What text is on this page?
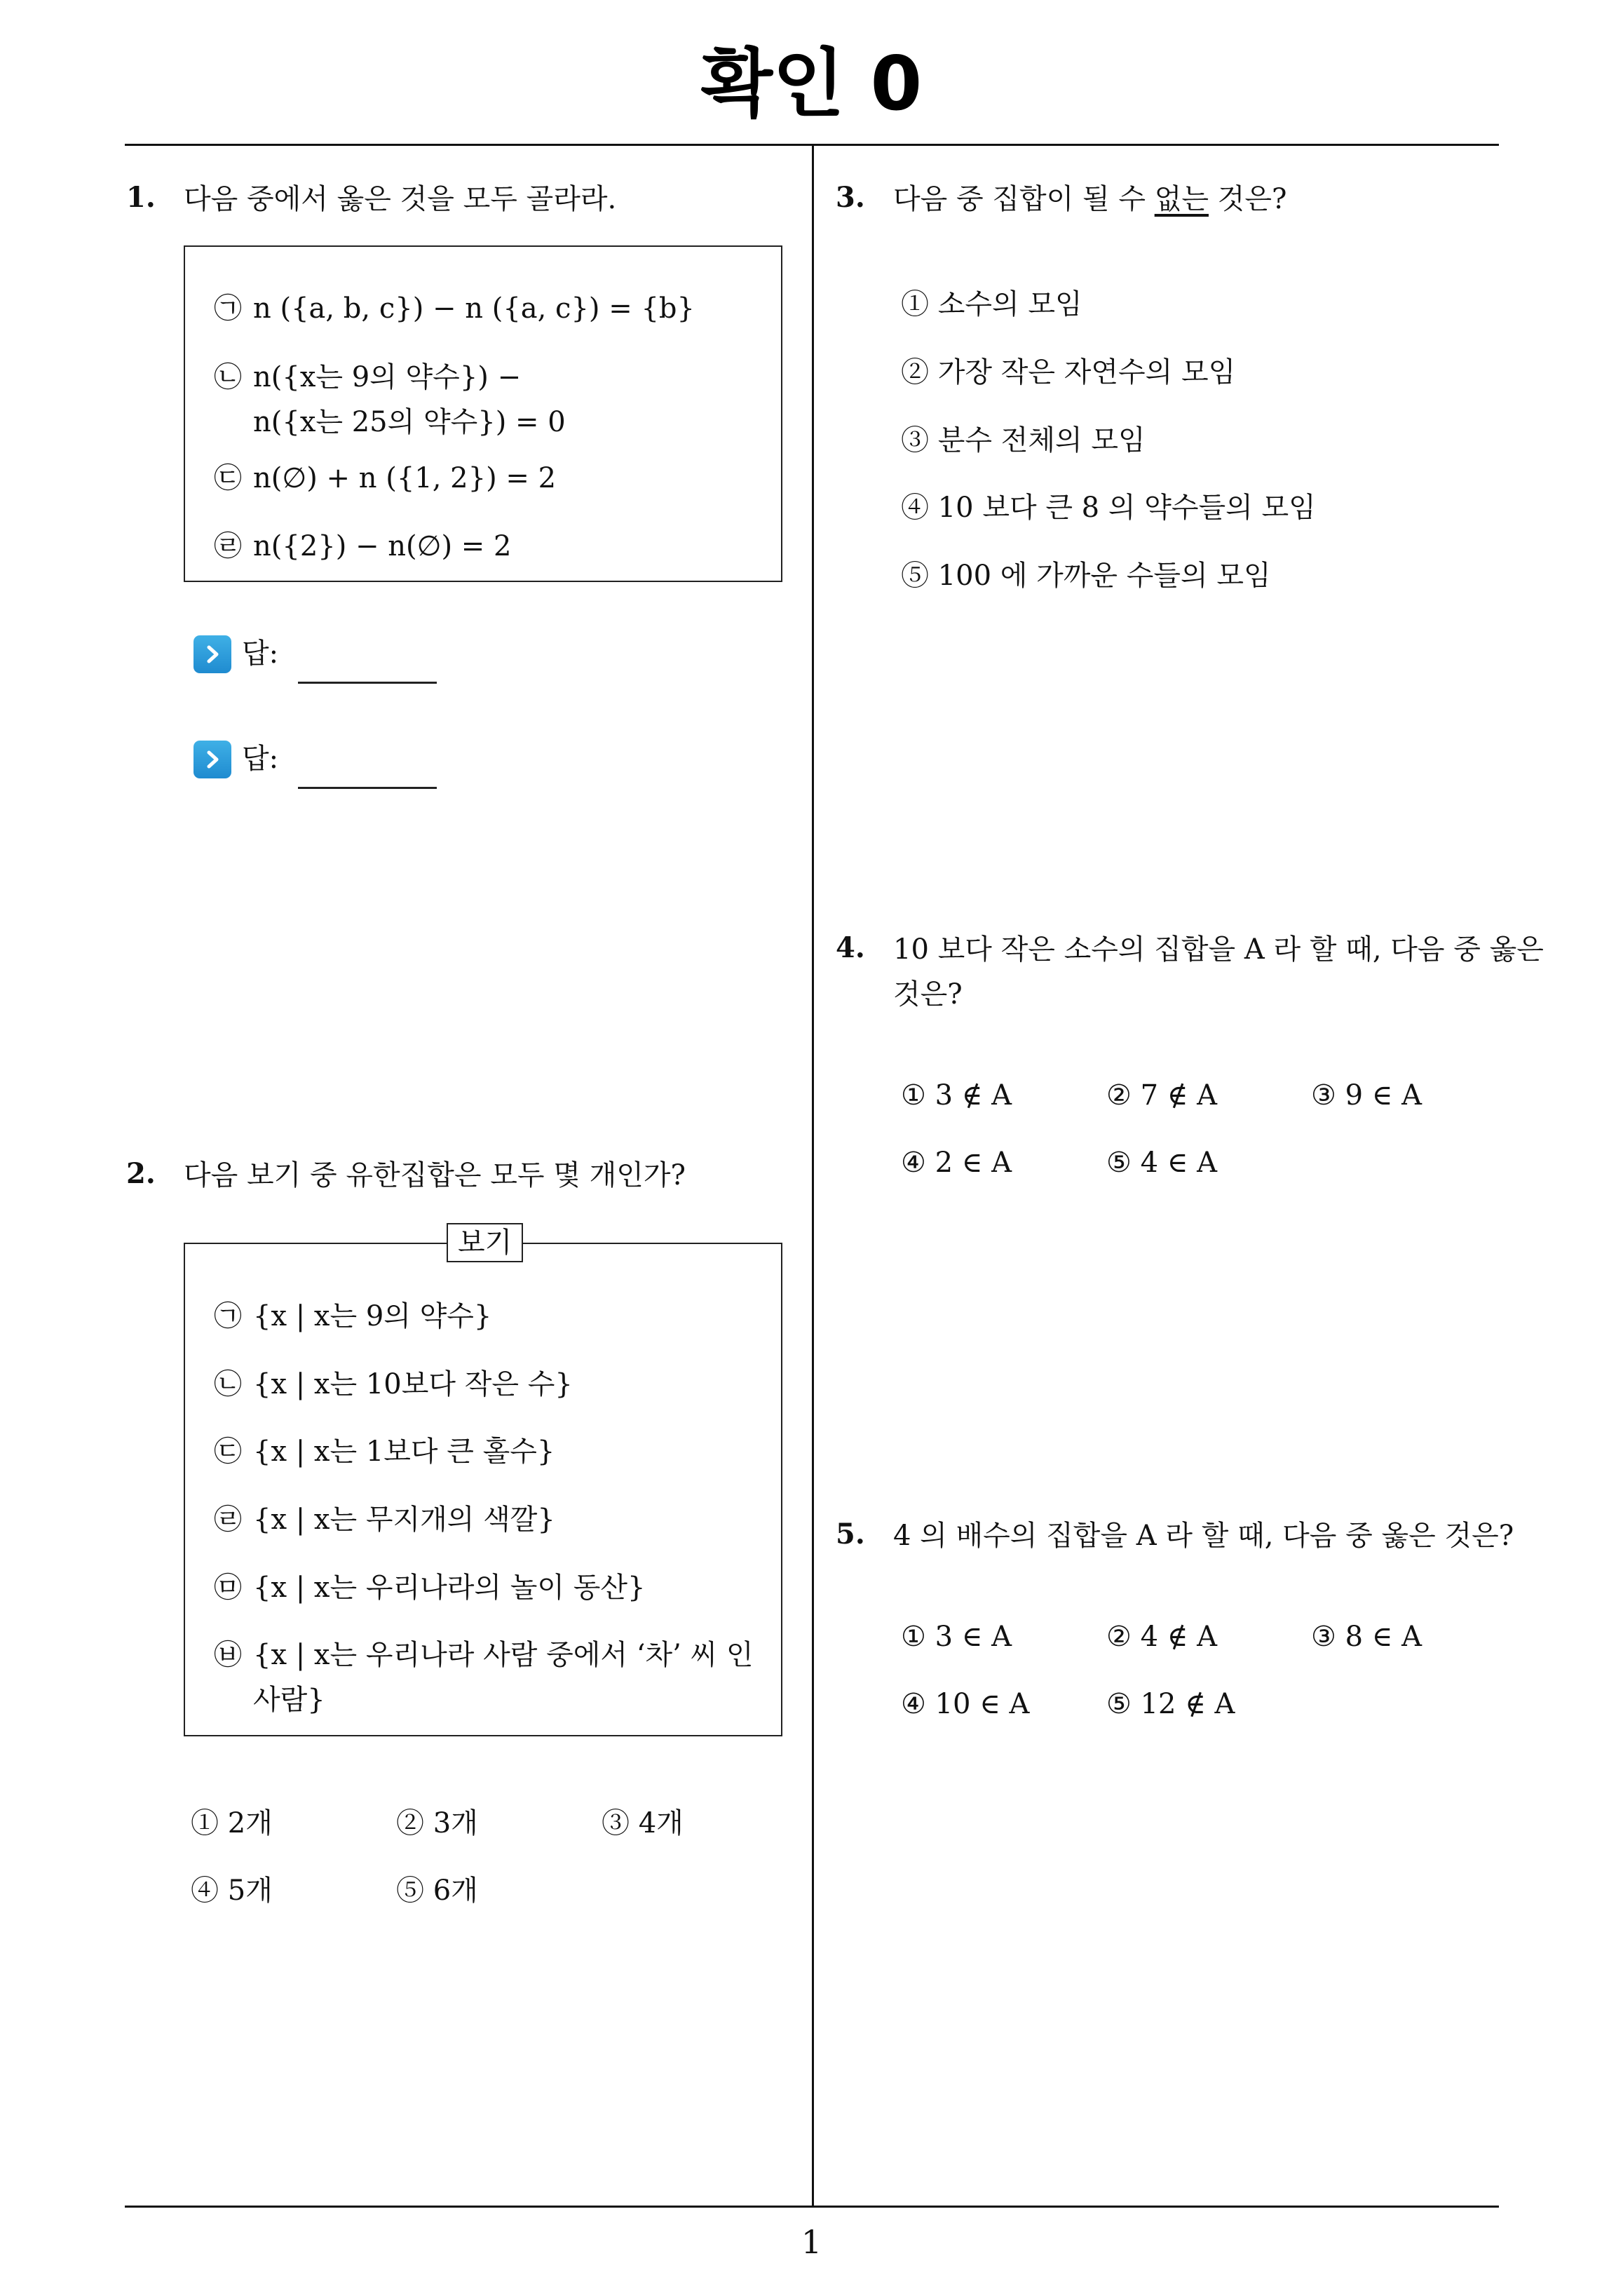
확인 0
1. 다음 중에서 옳은 것을 모두 골라라.
㉠ n ({a, b, c}) − n ({a, c}) = {b}
㉡ n({x는 9의 약수}) −
n({x는 25의 약수}) = 0
㉢ n(∅) + n ({1, 2}) = 2
㉣ n({2}) − n(∅) = 2
답:
답:
2. 다음 보기 중 유한집합은 모두 몇 개인가?
보기
㉠ {x | x는 9의 약수}
㉡ {x | x는 10보다 작은 수}
㉢ {x | x는 1보다 큰 홀수}
㉣ {x | x는 무지개의 색깔}
㉤ {x | x는 우리나라의 놀이 동산}
㉥ {x | x는 우리나라 사람 중에서 ‘차’ 씨 인
사람}
① 2개	② 3개	③ 4개
④ 5개	⑤ 6개
3. 다음 중 집합이 될 수 없는 것은?
① 소수의 모임
② 가장 작은 자연수의 모임
③ 분수 전체의 모임
④ 10 보다 큰 8 의 약수들의 모임
⑤ 100 에 가까운 수들의 모임
4. 10 보다 작은 소수의 집합을 A 라 할 때, 다음 중 옳은
것은?
① 3 ∉ A	② 7 ∉ A	③ 9 ∈ A
④ 2 ∈ A	⑤ 4 ∈ A
5. 4 의 배수의 집합을 A 라 할 때, 다음 중 옳은 것은?
① 3 ∈ A	② 4 ∉ A	③ 8 ∈ A
④ 10 ∈ A	⑤ 12 ∉ A
1
